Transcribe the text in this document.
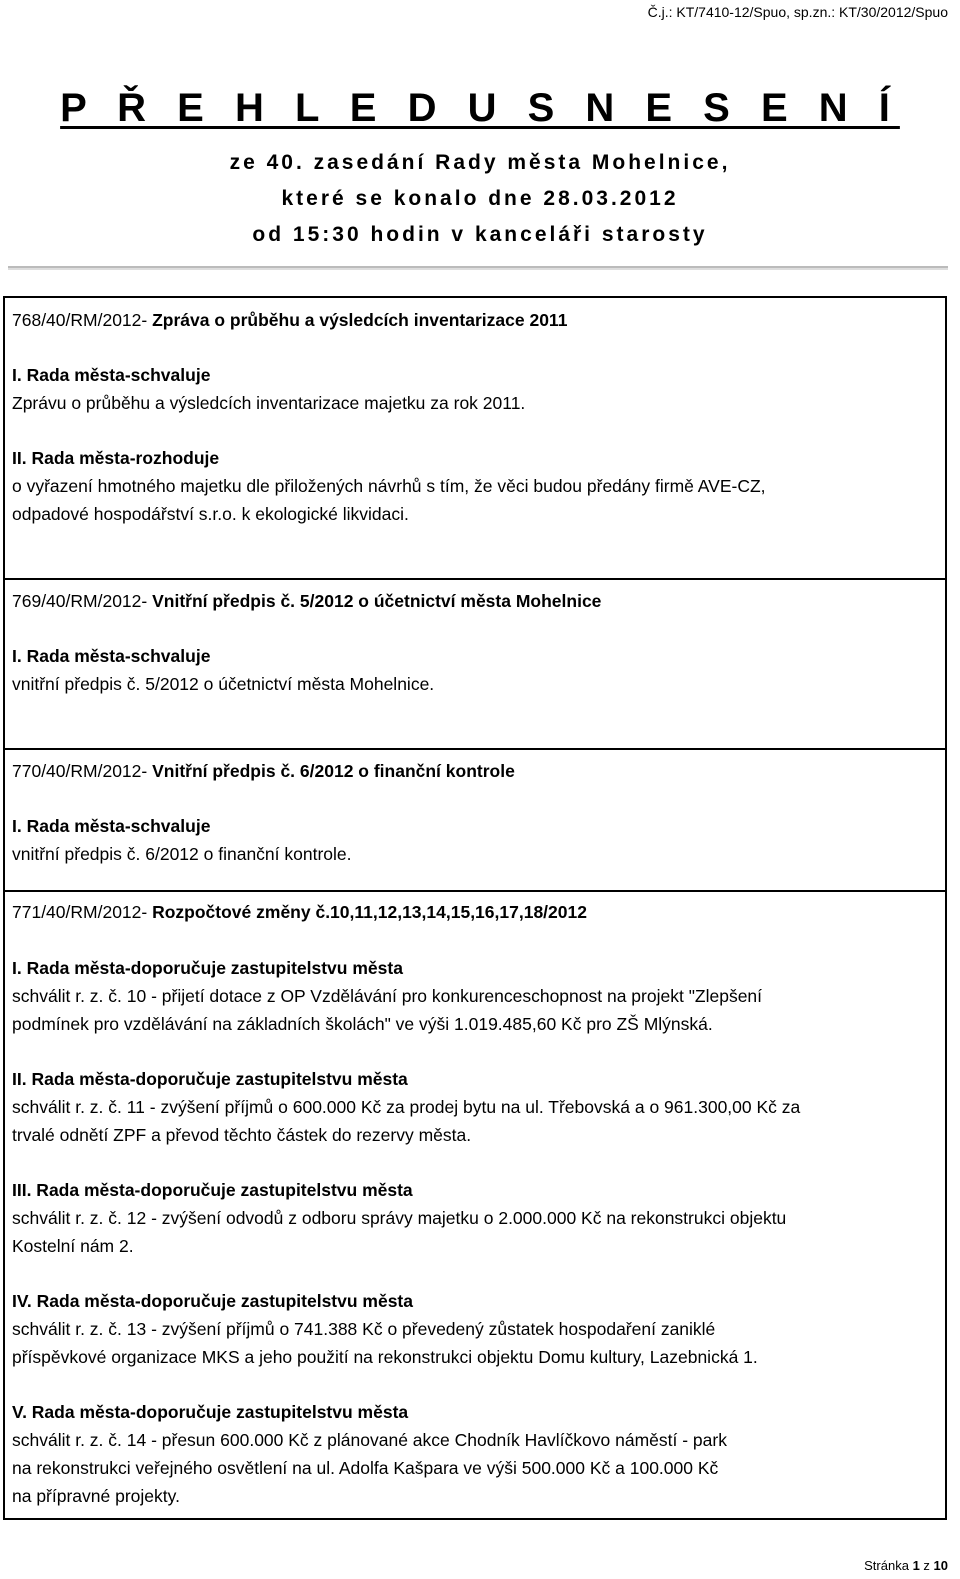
Č.j.: KT/7410-12/Spuo, sp.zn.: KT/30/2012/Spuo
P Ř E H L E D U S N E S E N Í
ze 40. zasedání Rady města Mohelnice,
které se konalo dne 28.03.2012
od 15:30 hodin v kanceláři starosty
768/40/RM/2012- Zpráva o průběhu a výsledcích inventarizace 2011
I. Rada města-schvaluje
Zprávu o průběhu a výsledcích inventarizace majetku za rok 2011.
II. Rada města-rozhoduje
o vyřazení hmotného majetku dle přiložených návrhů s tím, že věci budou předány firmě AVE-CZ,
odpadové hospodářství s.r.o. k ekologické likvidaci.
769/40/RM/2012- Vnitřní předpis č. 5/2012 o účetnictví města Mohelnice
I. Rada města-schvaluje
vnitřní předpis č. 5/2012 o účetnictví města Mohelnice.
770/40/RM/2012- Vnitřní předpis č. 6/2012 o finanční kontrole
I. Rada města-schvaluje
vnitřní předpis č. 6/2012 o finanční kontrole.
771/40/RM/2012- Rozpočtové změny č.10,11,12,13,14,15,16,17,18/2012
I. Rada města-doporučuje zastupitelstvu města
schválit r. z. č. 10 - přijetí dotace z OP Vzdělávání pro konkurenceschopnost na projekt "Zlepšení
podmínek pro vzdělávání na základních školách" ve výši 1.019.485,60 Kč pro ZŠ Mlýnská.
II. Rada města-doporučuje zastupitelstvu města
schválit r. z. č. 11 - zvýšení příjmů o 600.000 Kč za prodej bytu na ul. Třebovská a o 961.300,00 Kč za
trvalé odnětí ZPF a převod těchto částek do rezervy města.
III. Rada města-doporučuje zastupitelstvu města
schválit r. z. č. 12 - zvýšení odvodů z odboru správy majetku o 2.000.000 Kč na rekonstrukci objektu
Kostelní nám 2.
IV. Rada města-doporučuje zastupitelstvu města
schválit r. z. č. 13 - zvýšení příjmů o 741.388 Kč o převedený zůstatek hospodaření zaniklé
příspěvkové organizace MKS a jeho použití na rekonstrukci objektu Domu kultury, Lazebnická 1.
V. Rada města-doporučuje zastupitelstvu města
schválit r. z. č. 14 - přesun 600.000 Kč z plánované akce Chodník Havlíčkovo náměstí - park
na rekonstrukci veřejného osvětlení na ul. Adolfa Kašpara ve výši 500.000 Kč a 100.000 Kč
na přípravné projekty.
Stránka 1 z 10
